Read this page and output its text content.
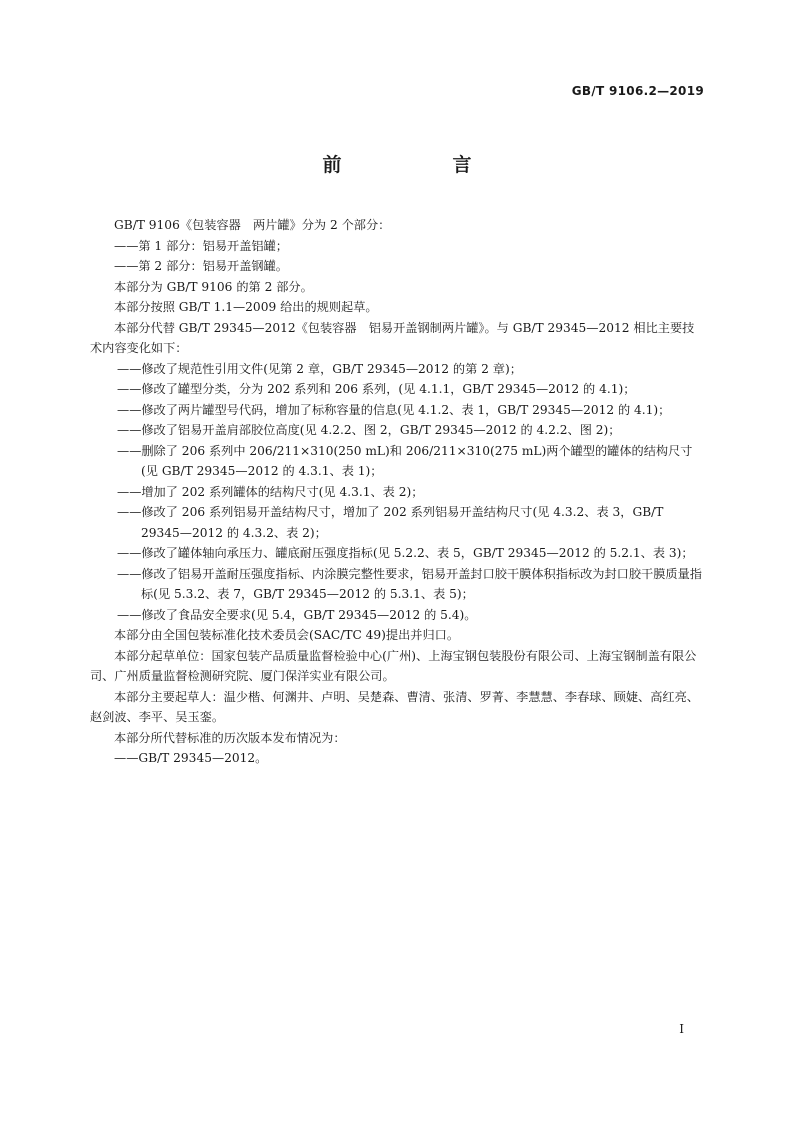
GB/T 9106.2—2019
前　言

GB/T 9106《包装容器　两片罐》分为 2 个部分：

——第 1 部分：铝易开盖铝罐；

——第 2 部分：铝易开盖钢罐。

本部分为 GB/T 9106 的第 2 部分。

本部分按照 GB/T 1.1—2009 给出的规则起草。

本部分代替 GB/T 29345—2012《包装容器　铝易开盖钢制两片罐》。与 GB/T 29345—2012 相比主要技术内容变化如下：

——修改了规范性引用文件(见第 2 章，GB/T 29345—2012 的第 2 章)；

——修改了罐型分类，分为 202 系列和 206 系列，(见 4.1.1，GB/T 29345—2012 的 4.1)；

——修改了两片罐型号代码，增加了标称容量的信息(见 4.1.2、表 1，GB/T 29345—2012 的 4.1)；

——修改了铝易开盖肩部胶位高度(见 4.2.2、图 2，GB/T 29345—2012 的 4.2.2、图 2)；

——删除了 206 系列中 206/211×310(250 mL)和 206/211×310(275 mL)两个罐型的罐体的结构尺寸(见 GB/T 29345—2012 的 4.3.1、表 1)；

——增加了 202 系列罐体的结构尺寸(见 4.3.1、表 2)；

——修改了 206 系列铝易开盖结构尺寸，增加了 202 系列铝易开盖结构尺寸(见 4.3.2、表 3，GB/T 29345—2012 的 4.3.2、表 2)；

——修改了罐体轴向承压力、罐底耐压强度指标(见 5.2.2、表 5，GB/T 29345—2012 的 5.2.1、表 3)；

——修改了铝易开盖耐压强度指标、内涂膜完整性要求，铝易开盖封口胶干膜体积指标改为封口胶干膜质量指标(见 5.3.2、表 7，GB/T 29345—2012 的 5.3.1、表 5)；

——修改了食品安全要求(见 5.4，GB/T 29345—2012 的 5.4)。

本部分由全国包装标准化技术委员会(SAC/TC 49)提出并归口。

本部分起草单位：国家包装产品质量监督检验中心(广州)、上海宝钢包装股份有限公司、上海宝钢制盖有限公司、广州质量监督检测研究院、厦门保洋实业有限公司。

本部分主要起草人：温少楷、何渊井、卢明、吴楚森、曹清、张清、罗菁、李慧慧、李春球、顾婕、高红亮、赵剑波、李平、吴玉銮。

本部分所代替标准的历次版本发布情况为：

——GB/T 29345—2012。

I
